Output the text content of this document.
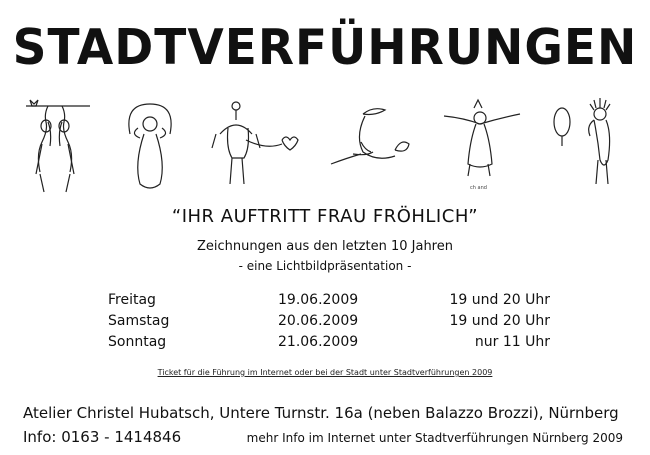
STADTVERFÜHRUNGEN
ch and
“IHR AUFTRITT FRAU FRÖHLICH”
Zeichnungen aus den letzten 10 Jahren
- eine Lichtbildpräsentation -
Freitag	19.06.2009	19 und 20 Uhr
Samstag	20.06.2009	19 und 20 Uhr
Sonntag	21.06.2009	nur 11 Uhr
Ticket für die Führung im Internet oder bei der Stadt unter Stadtverführungen 2009
Atelier Christel Hubatsch, Untere Turnstr. 16a (neben Balazzo Brozzi), Nürnberg
Info: 0163 - 1414846	mehr Info im Internet unter Stadtverführungen Nürnberg 2009
